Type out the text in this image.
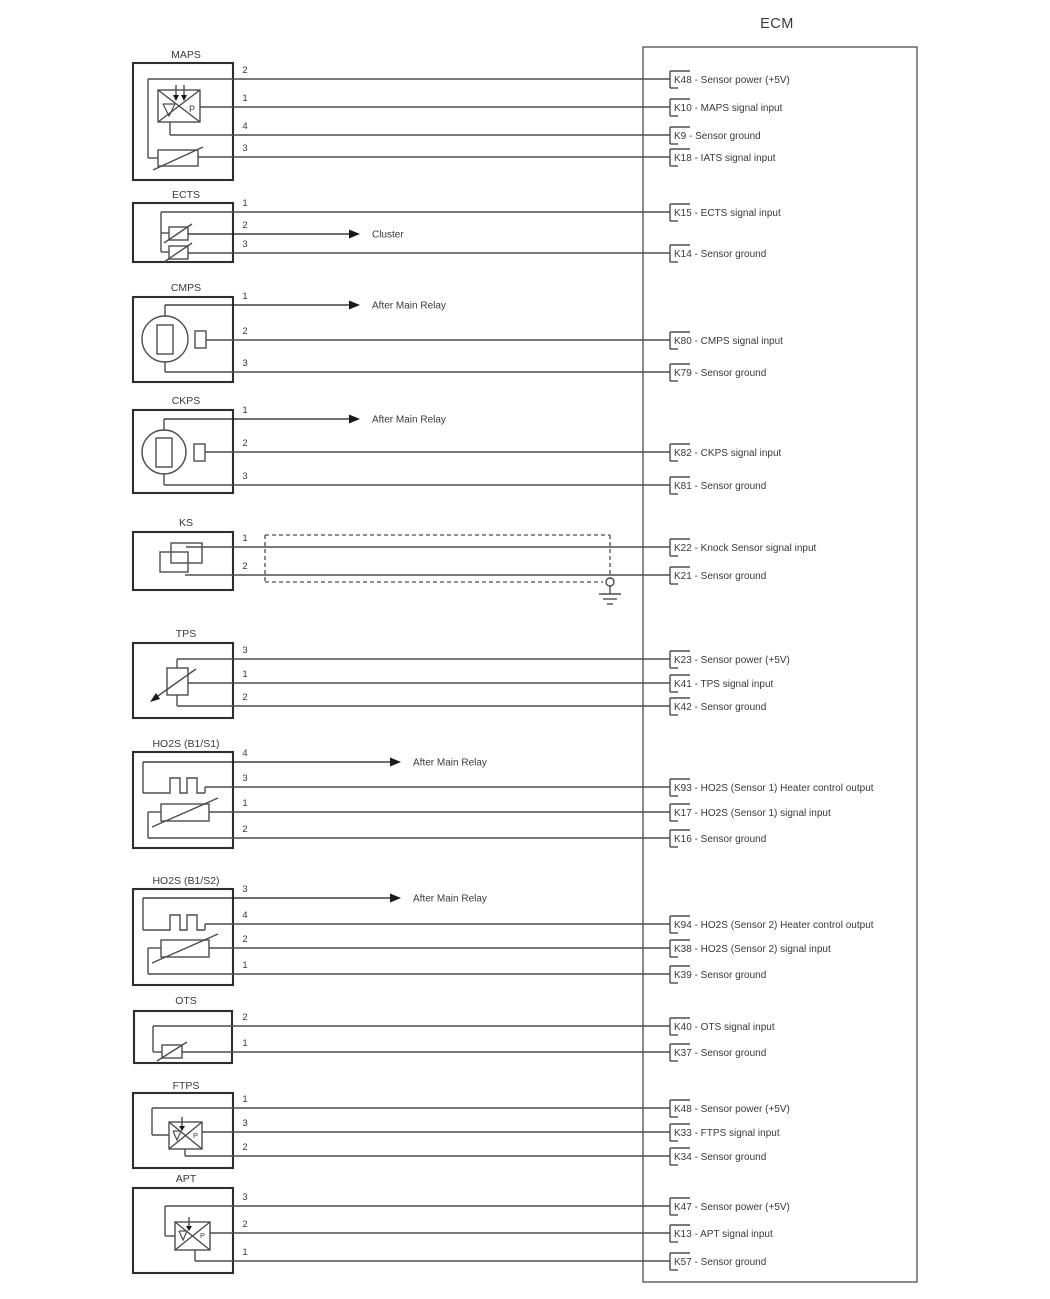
ECM
MAPS
P
2
K48 - Sensor power (+5V)
1
K10 - MAPS signal input
4
K9 - Sensor ground
3
K18 - IATS signal input
ECTS
1
K15 - ECTS signal input
2
Cluster
3
K14 - Sensor ground
CMPS
1
After Main Relay
2
K80 - CMPS signal input
3
K79 - Sensor ground
CKPS
1
After Main Relay
2
K82 - CKPS signal input
3
K81 - Sensor ground
KS
1
K22 - Knock Sensor signal input
2
K21 - Sensor ground
TPS
3
K23 - Sensor power (+5V)
1
K41 - TPS signal input
2
K42 - Sensor ground
HO2S (B1/S1)
4
After Main Relay
3
K93 - HO2S (Sensor 1) Heater control output
1
K17 - HO2S (Sensor 1) signal input
2
K16 - Sensor ground
HO2S (B1/S2)
3
After Main Relay
4
K94 - HO2S (Sensor 2) Heater control output
2
K38 - HO2S (Sensor 2) signal input
1
K39 - Sensor ground
OTS
2
K40 - OTS signal input
1
K37 - Sensor ground
FTPS
P
1
K48 - Sensor power (+5V)
3
K33 - FTPS signal input
2
K34 - Sensor ground
APT
P
3
K47 - Sensor power (+5V)
2
K13 - APT signal input
1
K57 - Sensor ground
